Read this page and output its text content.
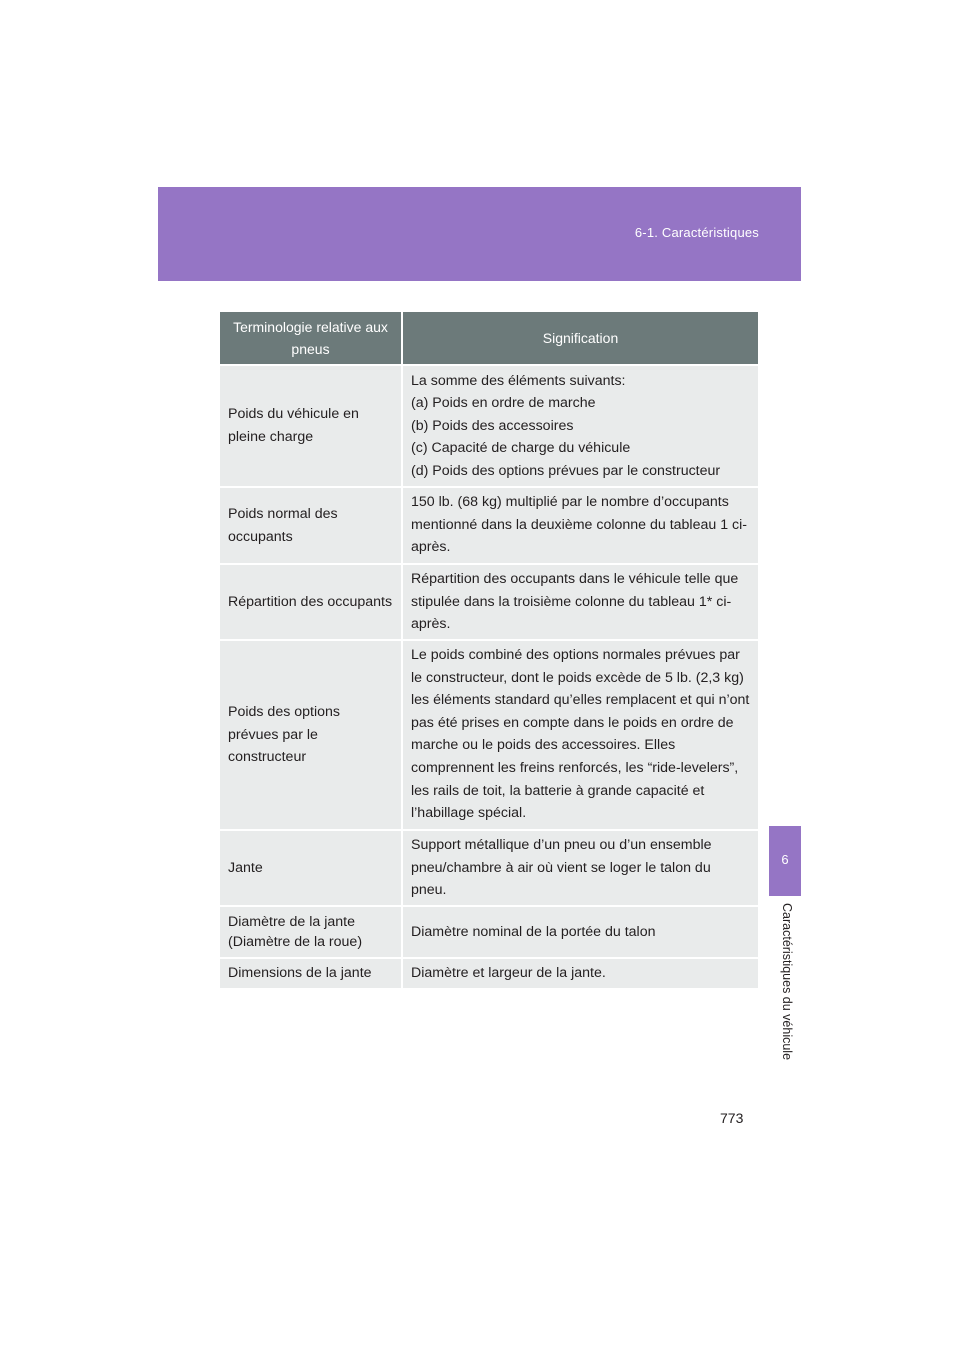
6-1. Caractéristiques
6
Caractéristiques du véhicule
Terminologie relative aux pneus	Signification
Poids du véhicule en pleine charge	La somme des éléments suivants:
(a) Poids en ordre de marche
(b) Poids des accessoires
(c) Capacité de charge du véhicule
(d) Poids des options prévues par le constructeur

Poids normal des occupants	150 lb. (68 kg) multiplié par le nombre d’occupants mentionné dans la deuxième colonne du tableau 1 ci-après.
Répartition des occupants	Répartition des occupants dans le véhicule telle que stipulée dans la troisième colonne du tableau 1* ci-après.
Poids des options prévues par le constructeur	Le poids combiné des options normales prévues par le constructeur, dont le poids excède de 5 lb. (2,3 kg) les éléments standard qu’elles remplacent et qui n’ont pas été prises en compte dans le poids en ordre de marche ou le poids des accessoires. Elles comprennent les freins renforcés, les “ride-levelers”, les rails de toit, la batterie à grande capacité et l’habillage spécial.
Jante	Support métallique d’un pneu ou d’un ensemble pneu/chambre à air où vient se loger le talon du pneu.
Diamètre de la jante (Diamètre de la roue)	Diamètre nominal de la portée du talon
Dimensions de la jante	Diamètre et largeur de la jante.
773
